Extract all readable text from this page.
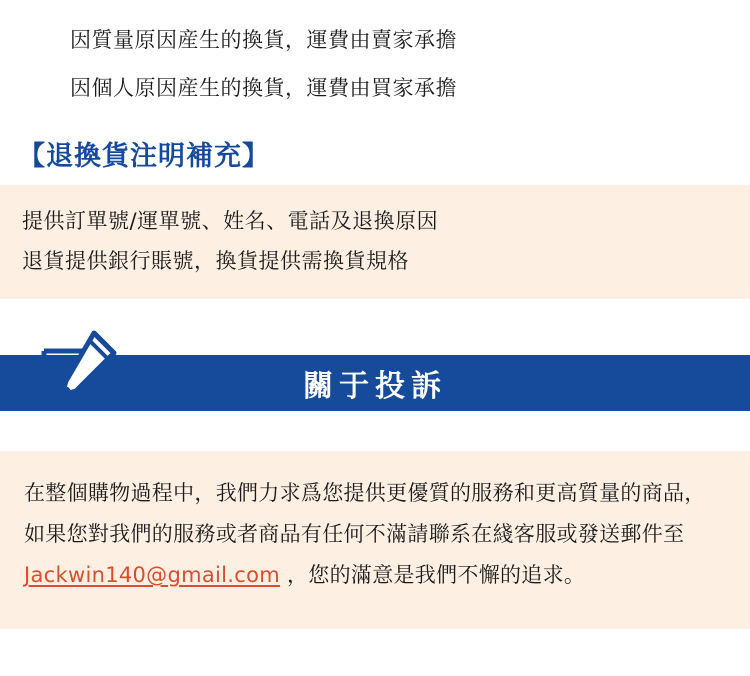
因質量原因産生的換貨，運費由賣家承擔
因個人原因産生的換貨，運費由買家承擔
【退換貨注明補充】
提供訂單號/運單號、姓名、電話及退換原因
退貨提供銀行賬號，換貨提供需換貨規格
關于投訴

在整個購物過程中，我們力求爲您提供更優質的服務和更高質量的商品，如果您對我們的服務或者商品有任何不滿請聯系在綫客服或發送郵件至 Jackwin140@gmail.com ，您的滿意是我們不懈的追求。
